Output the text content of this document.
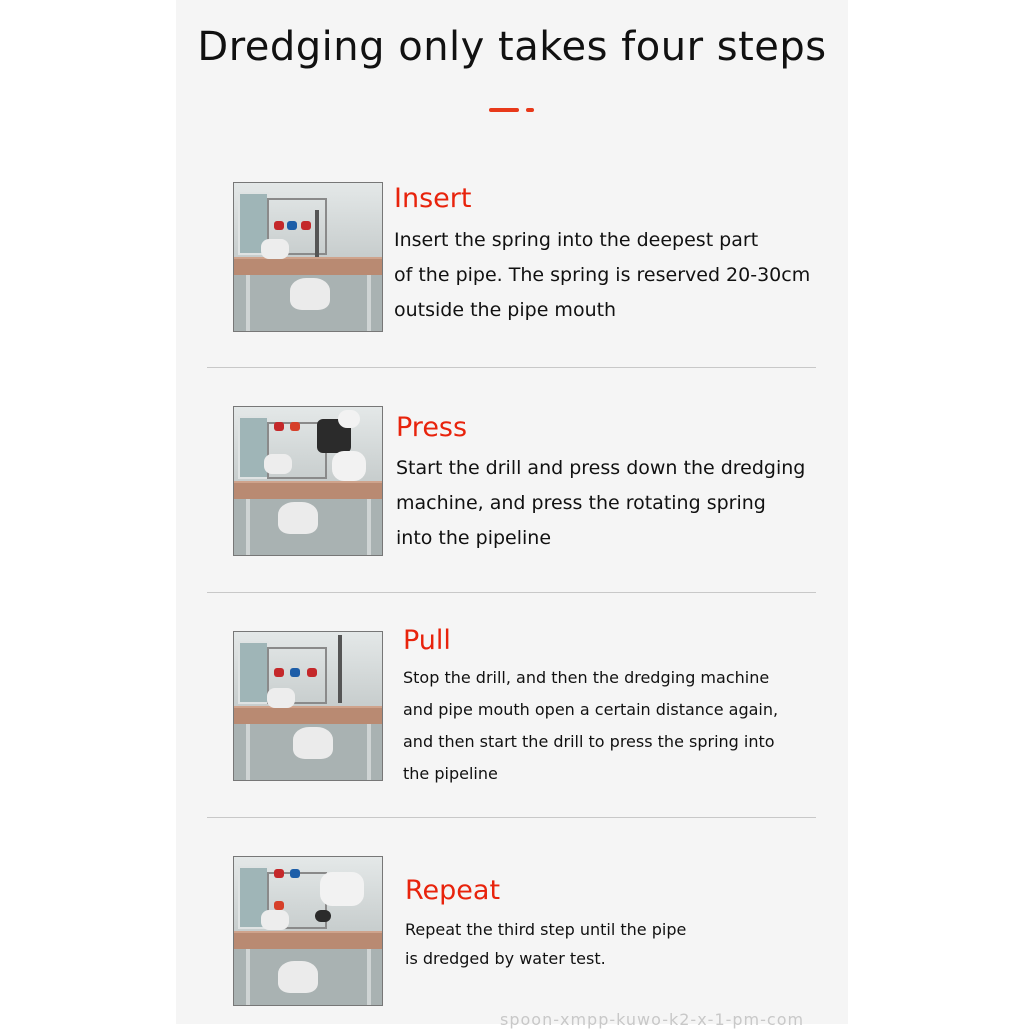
Dredging only takes four steps
Insert
Insert the spring into the deepest part
of the pipe. The spring is reserved 20-30cm
outside the pipe mouth
Press
Start the drill and press down the dredging
machine, and press the rotating spring
into the pipeline
Pull
Stop the drill, and then the dredging machine
and pipe mouth open a certain distance again,
and then start the drill to press the spring into
the pipeline
Repeat
Repeat the third step until the pipe
is dredged by water test.
spoon-xmpp-kuwo-k2-x-1-pm-com
